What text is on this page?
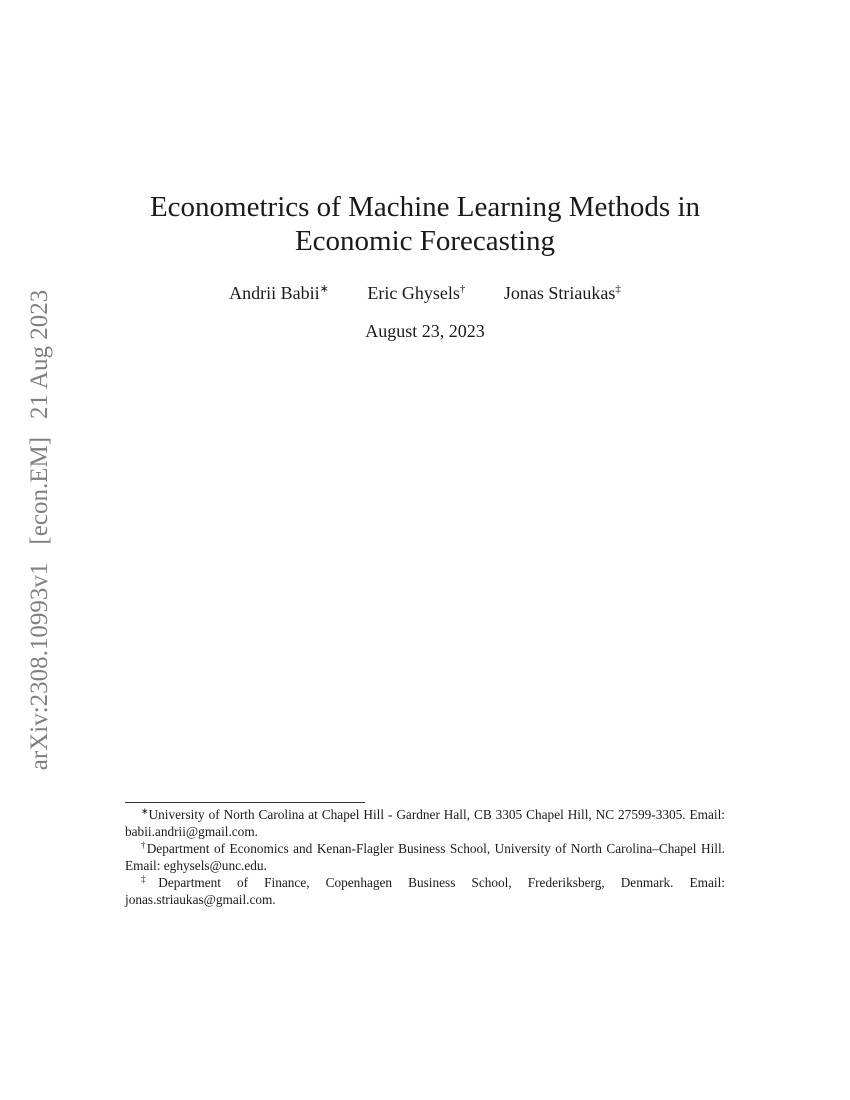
arXiv:2308.10993v1[econ.EM]21 Aug 2023
Econometrics of Machine Learning Methods in
Economic Forecasting
Andrii Babii∗ Eric Ghysels† Jonas Striaukas‡
August 23, 2023

∗University of North Carolina at Chapel Hill - Gardner Hall, CB 3305 Chapel Hill, NC 27599-3305. Email: babii.andrii@gmail.com.

†Department of Economics and Kenan-Flagler Business School, University of North Carolina–Chapel Hill. Email: eghysels@unc.edu.

‡Department of Finance, Copenhagen Business School, Frederiksberg, Denmark. Email: jonas.striaukas@gmail.com.
